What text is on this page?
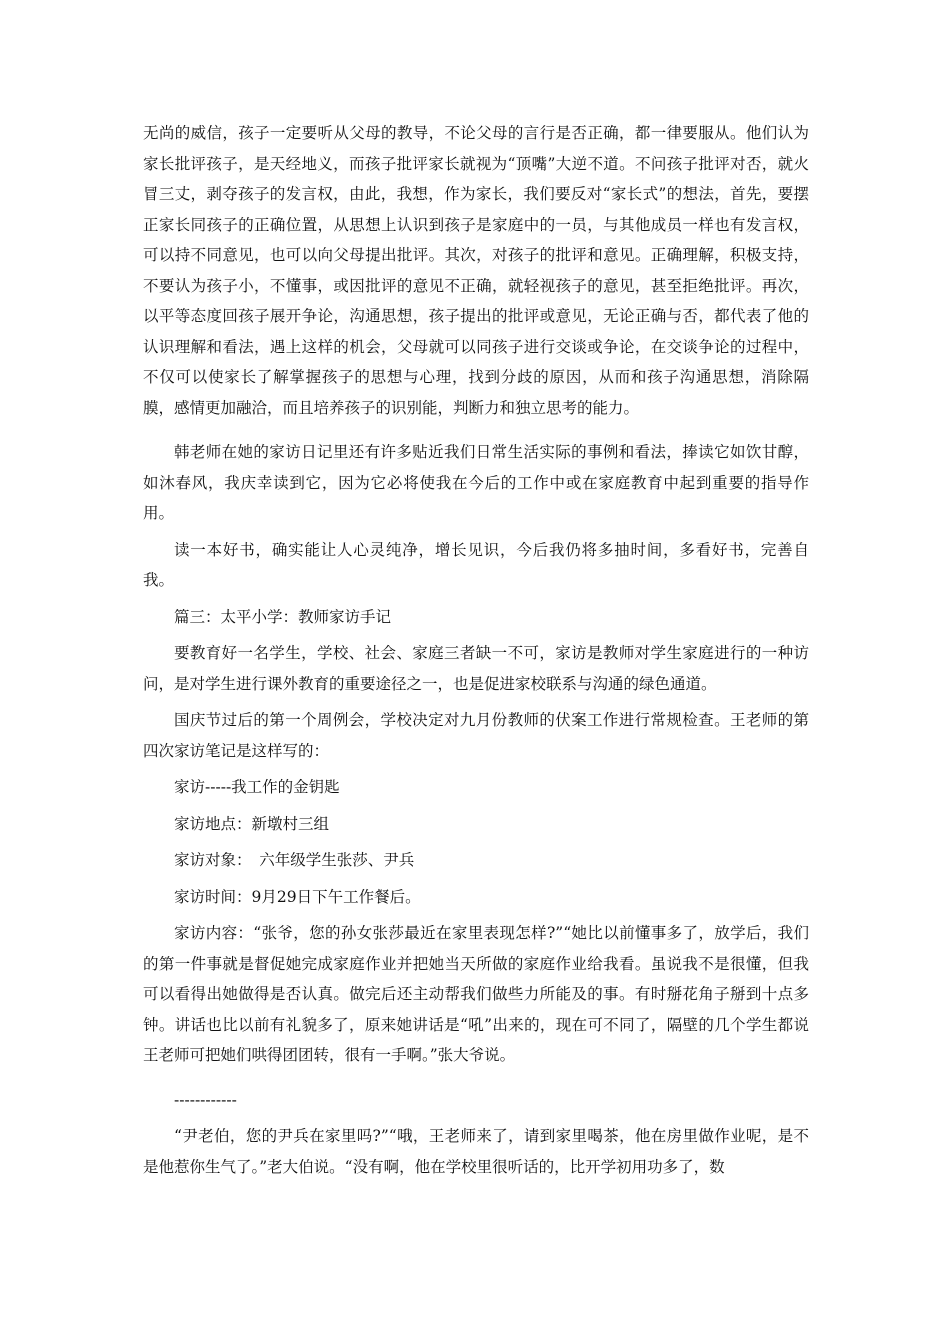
无尚的威信，孩子一定要听从父母的教导，不论父母的言行是否正确，都一律要服从。他们认为家长批评孩子，是天经地义，而孩子批评家长就视为“顶嘴”大逆不道。不问孩子批评对否，就火冒三丈，剥夺孩子的发言权，由此，我想，作为家长，我们要反对“家长式”的想法，首先，要摆正家长同孩子的正确位置，从思想上认识到孩子是家庭中的一员，与其他成员一样也有发言权，可以持不同意见，也可以向父母提出批评。其次，对孩子的批评和意见。正确理解，积极支持，不要认为孩子小，不懂事，或因批评的意见不正确，就轻视孩子的意见，甚至拒绝批评。再次，以平等态度回孩子展开争论，沟通思想，孩子提出的批评或意见，无论正确与否，都代表了他的认识理解和看法，遇上这样的机会，父母就可以同孩子进行交谈或争论，在交谈争论的过程中，不仅可以使家长了解掌握孩子的思想与心理，找到分歧的原因，从而和孩子沟通思想，消除隔膜，感情更加融洽，而且培养孩子的识别能，判断力和独立思考的能力。

韩老师在她的家访日记里还有许多贴近我们日常生活实际的事例和看法，捧读它如饮甘醇，如沐春风，我庆幸读到它，因为它必将使我在今后的工作中或在家庭教育中起到重要的指导作用。

读一本好书，确实能让人心灵纯净，增长见识，今后我仍将多抽时间，多看好书，完善自我。

篇三：太平小学：教师家访手记

要教育好一名学生，学校、社会、家庭三者缺一不可，家访是教师对学生家庭进行的一种访问，是对学生进行课外教育的重要途径之一，也是促进家校联系与沟通的绿色通道。

国庆节过后的第一个周例会，学校决定对九月份教师的伏案工作进行常规检查。王老师的第四次家访笔记是这样写的：

家访-----我工作的金钥匙

家访地点：新墩村三组

家访对象：　六年级学生张莎、尹兵

家访时间：9月29日下午工作餐后。

家访内容：“张爷，您的孙女张莎最近在家里表现怎样?”“她比以前懂事多了，放学后，我们的第一件事就是督促她完成家庭作业并把她当天所做的家庭作业给我看。虽说我不是很懂，但我可以看得出她做得是否认真。做完后还主动帮我们做些力所能及的事。有时掰花角子掰到十点多钟。讲话也比以前有礼貌多了，原来她讲话是“吼”出来的，现在可不同了，隔壁的几个学生都说王老师可把她们哄得团团转，很有一手啊。”张大爷说。

------------

“尹老伯，您的尹兵在家里吗?”“哦，王老师来了，请到家里喝茶，他在房里做作业呢，是不是他惹你生气了。”老大伯说。“没有啊，他在学校里很听话的，比开学初用功多了，数
